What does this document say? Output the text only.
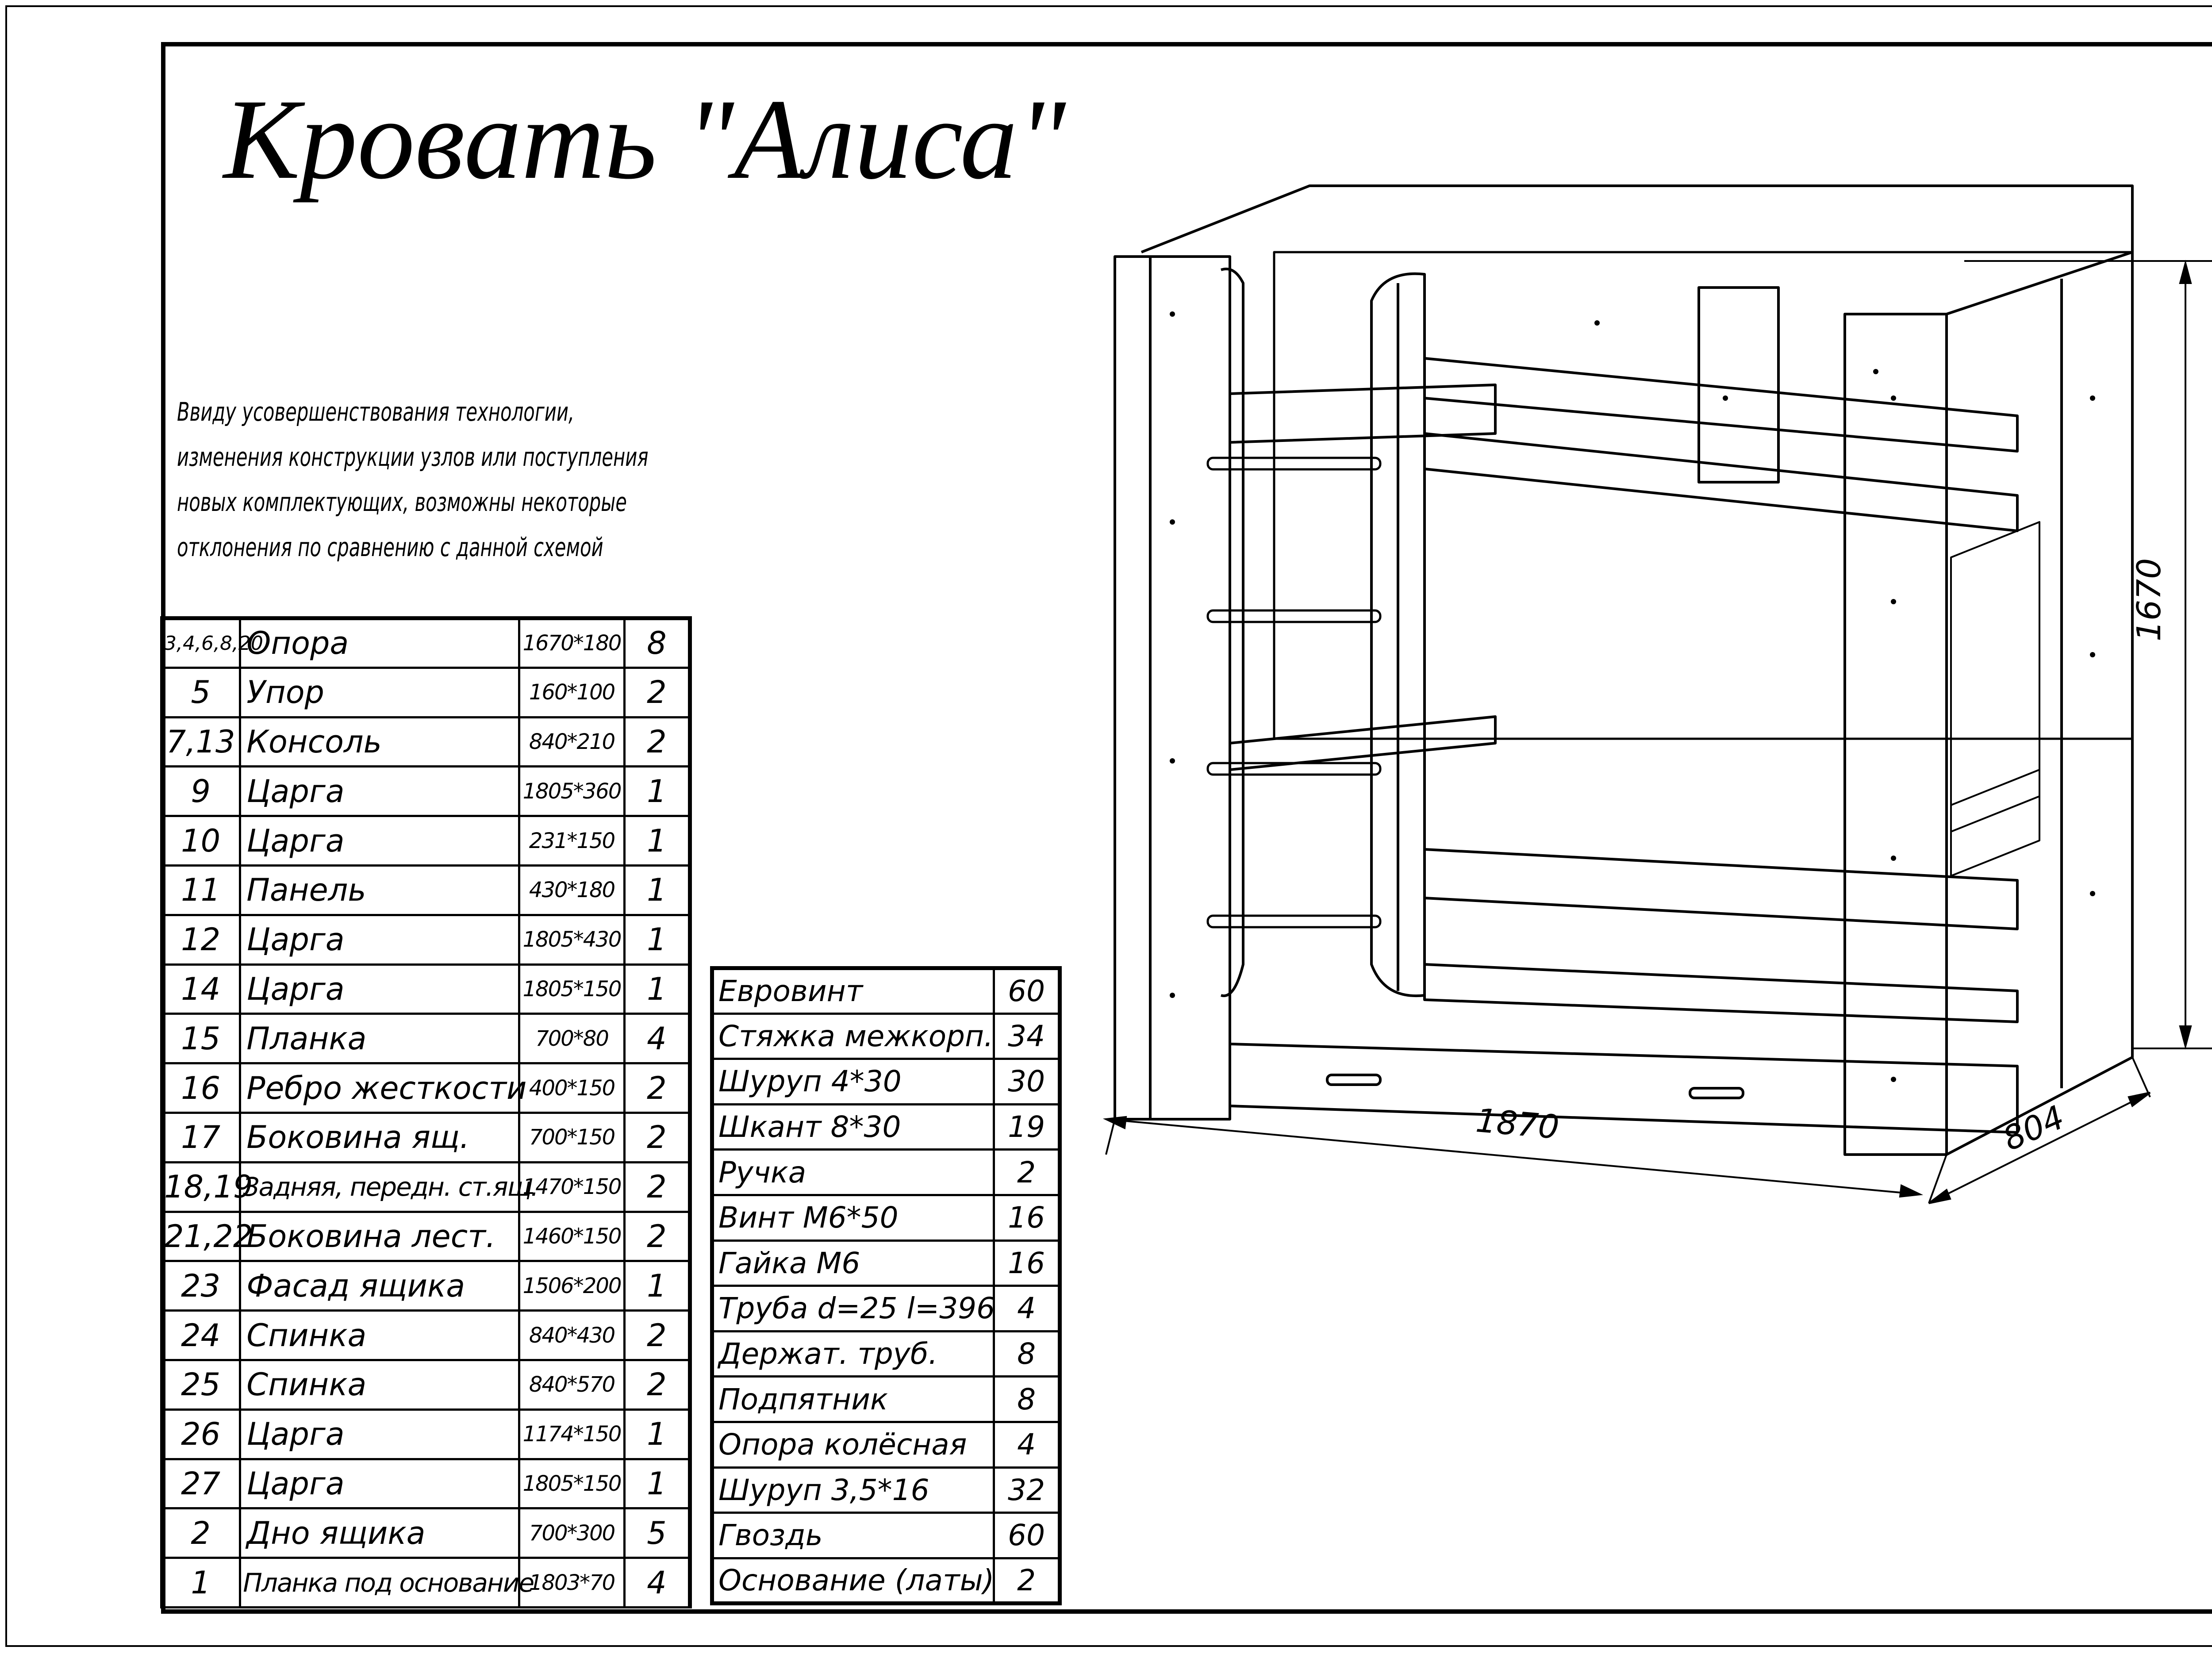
Кровать "Алиса"
Ввиду усовершенствования технологии,
изменения конструкции узлов или поступления
новых комплектующих, возможны некоторые
отклонения по сравнению с данной схемой
3,4,6,8,20	Опора	1670*180	8
5	Упор	160*100	2
7,13	Консоль	840*210	2
9	Царга	1805*360	1
10	Царга	231*150	1
11	Панель	430*180	1
12	Царга	1805*430	1
14	Царга	1805*150	1
15	Планка	700*80	4
16	Ребро жесткости	400*150	2
17	Боковина ящ.	700*150	2
18,19	Задняя, передн. ст.ящ.	1470*150	2
21,22	Боковина лест.	1460*150	2
23	Фасад ящика	1506*200	1
24	Спинка	840*430	2
25	Спинка	840*570	2
26	Царга	1174*150	1
27	Царга	1805*150	1
2	Дно ящика	700*300	5
1	Планка под основание	1803*70	4
Евровинт	60
Стяжка межкорп.	34
Шуруп 4*30	30
Шкант 8*30	19
Ручка	2
Винт М6*50	16
Гайка М6	16
Труба d=25 l=396	4
Держат. труб.	8
Подпятник	8
Опора колёсная	4
Шуруп 3,5*16	32
Гвоздь	60
Основание (латы)	2
1670
1870	804
